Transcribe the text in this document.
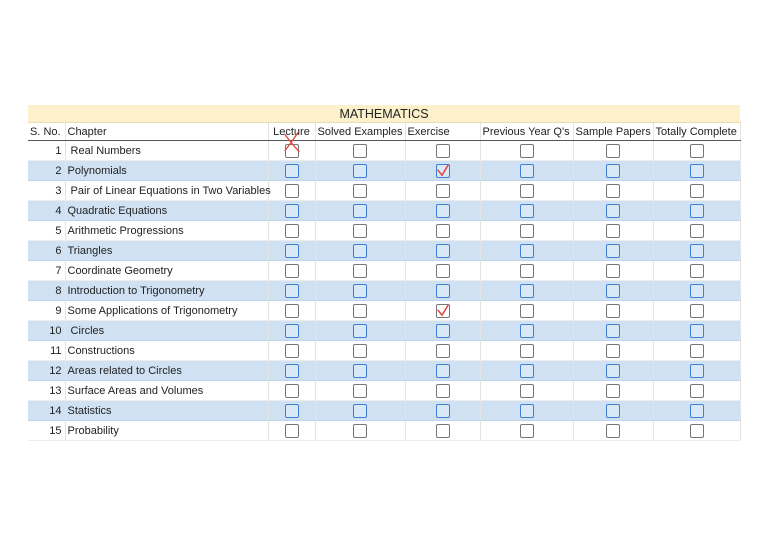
MATHEMATICS							
S. No.	Chapter	Lecture	Solved Examples	Exercise	Previous Year Q's	Sample Papers	Totally Complete
1	Real Numbers	

2	Polynomials			

3	Pair of Linear Equations in Two Variables						
4	Quadratic Equations						
5	Arithmetic Progressions						
6	Triangles						
7	Coordinate Geometry						
8	Introduction to Trigonometry						
9	Some Applications of Trigonometry			

10	Circles						
11	Constructions						
12	Areas related to Circles						
13	Surface Areas and Volumes						
14	Statistics						
15	Probability						
